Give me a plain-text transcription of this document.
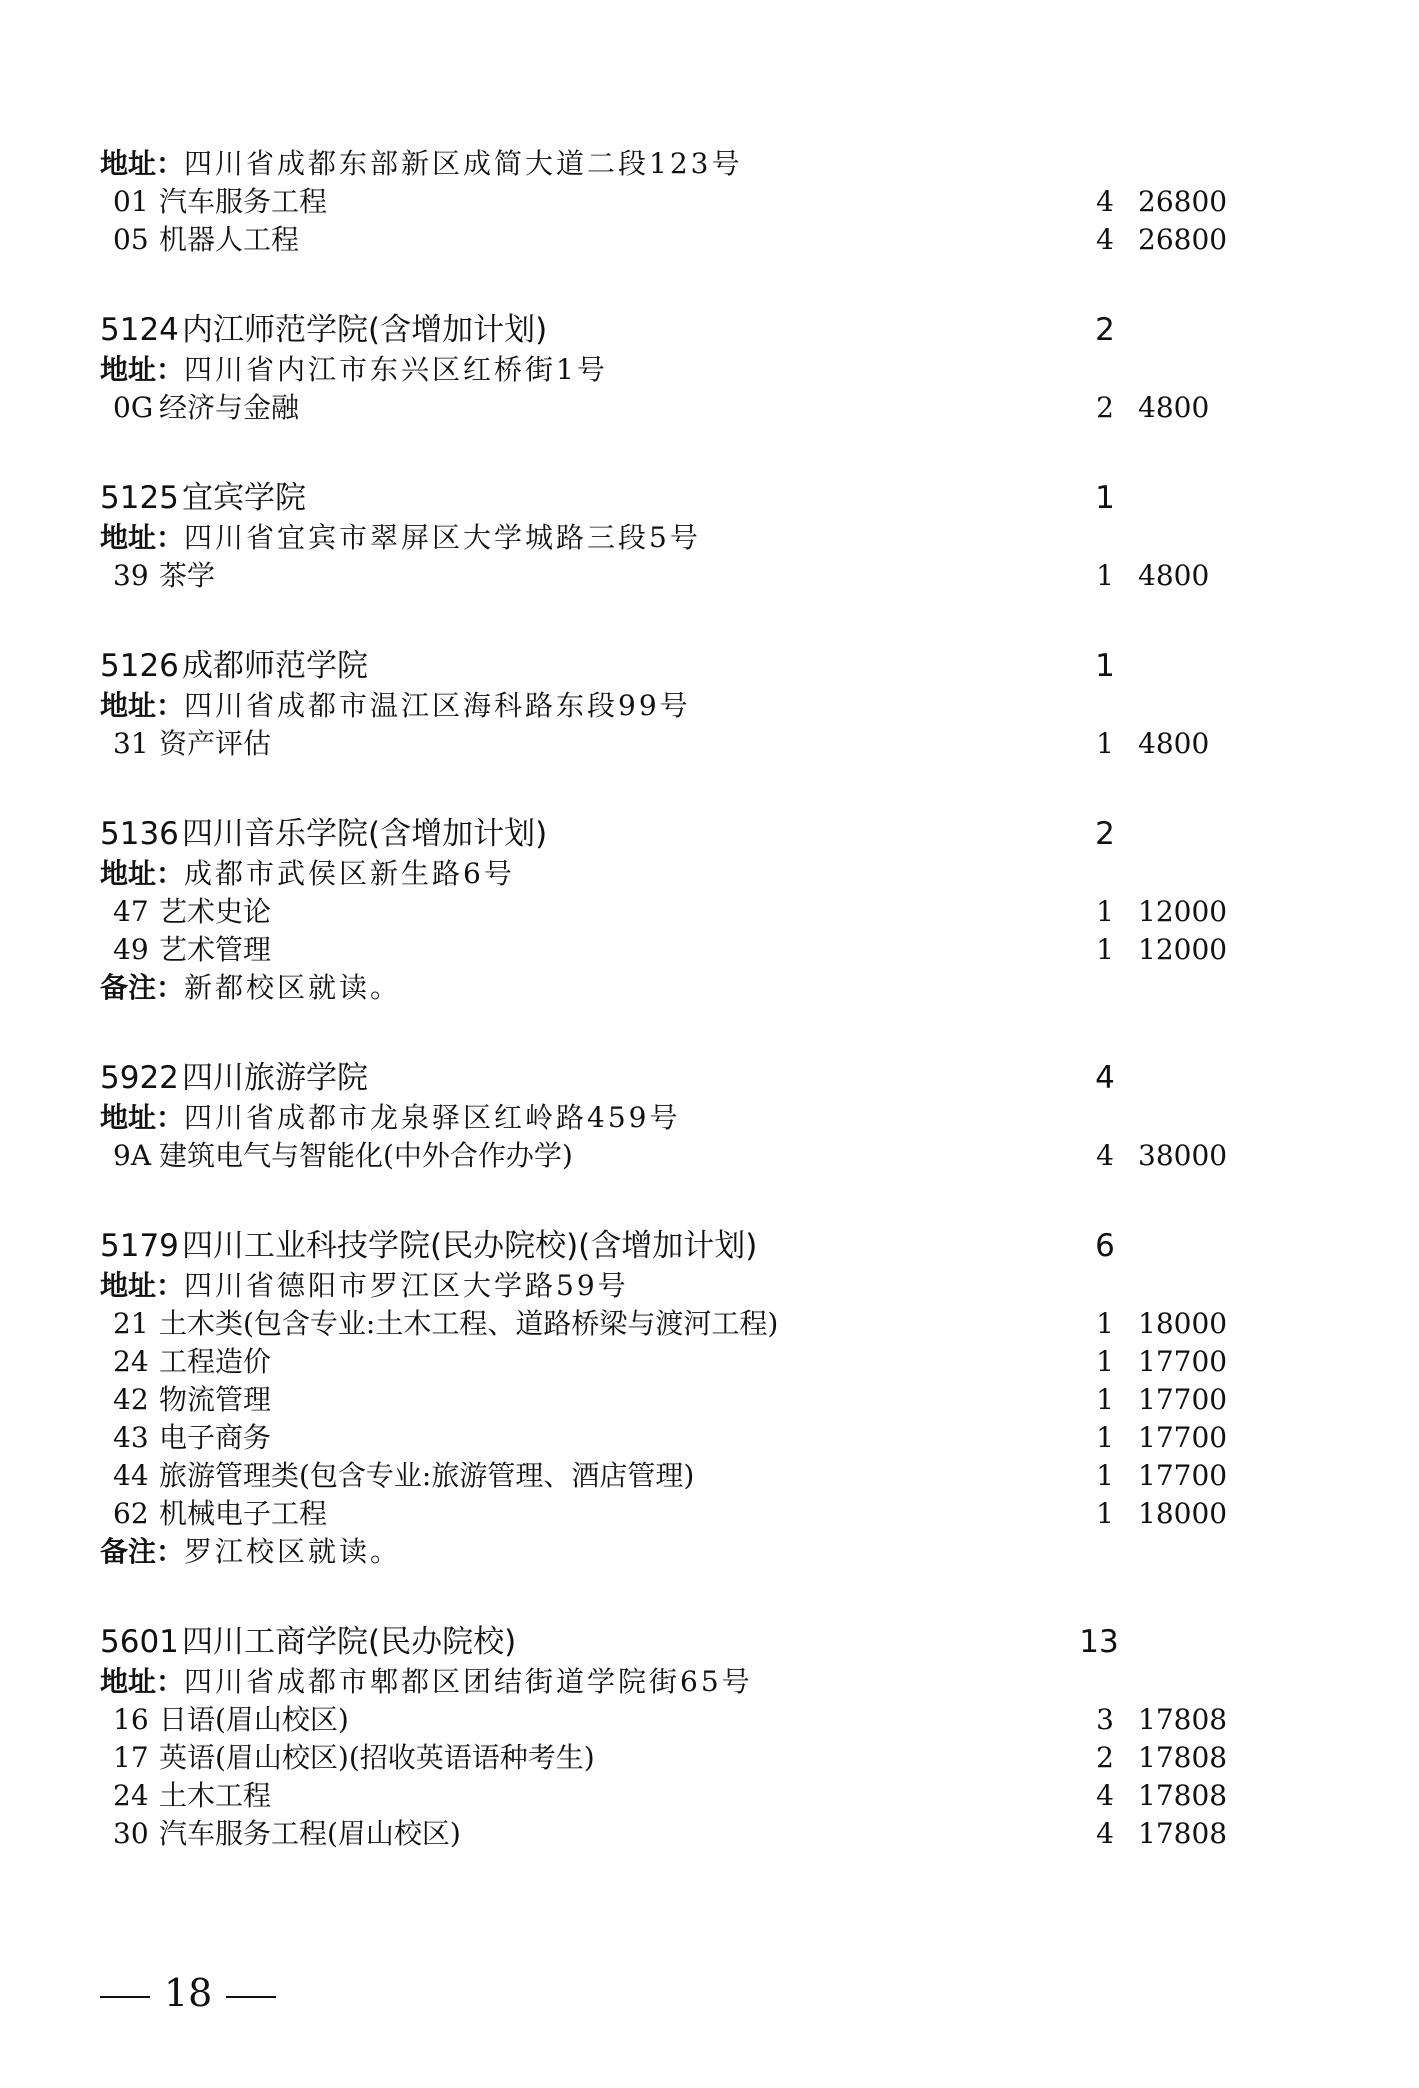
地址：四川省成都东部新区成简大道二段123号
01 汽车服务工程	4 26800
05 机器人工程	4 26800
5124内江师范学院(含增加计划)	2
地址：四川省内江市东兴区红桥街1号
0G 经济与金融	2 4800
5125宜宾学院	1
地址：四川省宜宾市翠屏区大学城路三段5号
39 茶学	1 4800
5126成都师范学院	1
地址：四川省成都市温江区海科路东段99号
31 资产评估	1 4800
5136四川音乐学院(含增加计划)	2
地址：成都市武侯区新生路6号
47 艺术史论	1 12000
49 艺术管理	1 12000
备注：新都校区就读。
5922四川旅游学院	4
地址：四川省成都市龙泉驿区红岭路459号
9A 建筑电气与智能化(中外合作办学)	4 38000
5179四川工业科技学院(民办院校)(含增加计划)	6
地址：四川省德阳市罗江区大学路59号
21 土木类(包含专业:土木工程、道路桥梁与渡河工程)	1 18000
24 工程造价	1 17700
42 物流管理	1 17700
43 电子商务	1 17700
44 旅游管理类(包含专业:旅游管理、酒店管理)	1 17700
62 机械电子工程	1 18000
备注：罗江校区就读。
5601四川工商学院(民办院校)	13
地址：四川省成都市郫都区团结街道学院街65号
16 日语(眉山校区)	3 17808
17 英语(眉山校区)(招收英语语种考生)	2 17808
24 土木工程	4 17808
30 汽车服务工程(眉山校区)	4 17808
18
